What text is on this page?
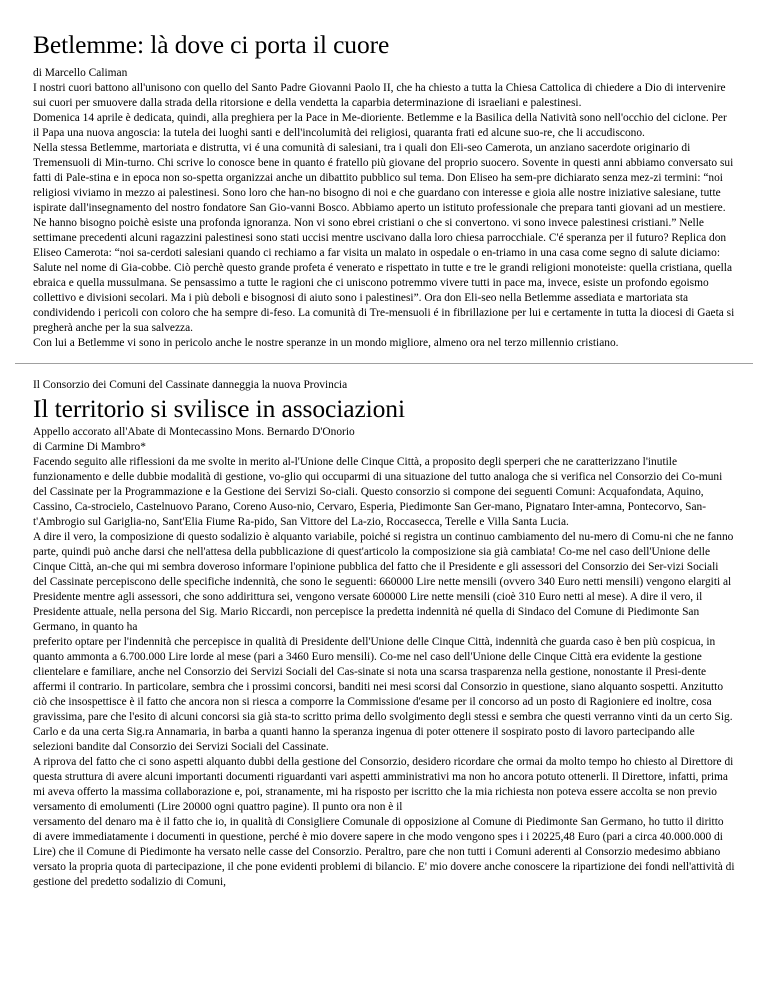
Betlemme: là dove ci porta il cuore

di Marcello Caliman

I nostri cuori battono all'unisono con quello del Santo Padre Giovanni Paolo II, che ha chiesto a tutta la Chiesa Cattolica di chiedere a Dio di intervenire sui cuori per smuovere dalla strada della ritorsione e della vendetta la caparbia determinazione di israeliani e palestinesi.

Domenica 14 aprile è dedicata, quindi, alla preghiera per la Pace in Me-dioriente. Betlemme e la Basilica della Natività sono nell'occhio del ciclone. Per il Papa una nuova angoscia: la tutela dei luoghi santi e dell'incolumità dei religiosi, quaranta frati ed alcune suo-re, che li accudiscono.

Nella stessa Betlemme, martoriata e distrutta, vi é una comunità di salesiani, tra i quali don Eli-seo Camerota, un anziano sacerdote originario di Tremensuoli di Min-turno. Chi scrive lo conosce bene in quanto é fratello più giovane del proprio suocero. Sovente in questi anni abbiamo conversato sui fatti di Pale-stina e in epoca non so-spetta organizzai anche un dibattito pubblico sul tema. Don Eliseo ha sem-pre dichiarato senza mez-zi termini: “noi religiosi viviamo in mezzo ai palestinesi. Sono loro che han-no bisogno di noi e che guardano con interesse e gioia alle nostre iniziative salesiane, tutte ispirate dall'insegnamento del nostro fondatore San Gio-vanni Bosco. Abbiamo aperto un istituto professionale che prepara tanti giovani ad un mestiere. Ne hanno bisogno poichè esiste una profonda ignoranza. Non vi sono ebrei cristiani o che si convertono. vi sono invece palestinesi cristiani.” Nelle settimane precedenti alcuni ragazzini palestinesi sono stati uccisi mentre uscivano dalla loro chiesa parrocchiale. C'é speranza per il futuro? Replica don Eliseo Camerota: “noi sa-cerdoti salesiani quando ci rechiamo a far visita un malato in ospedale o en-triamo in una casa come segno di salute diciamo: Salute nel nome di Gia-cobbe. Ciò perchè questo grande profeta é venerato e rispettato in tutte e tre le grandi religioni monoteiste: quella cristiana, quella ebraica e quella mussulmana. Se pensassimo a tutte le ragioni che ci uniscono potremmo vivere tutti in pace ma, invece, esiste un profondo egoismo collettivo e divisioni secolari. Ma i più deboli e bisognosi di aiuto sono i palestinesi”. Ora don Eli-seo nella Betlemme assediata e martoriata sta condividendo i pericoli con coloro che ha sempre di-feso. La comunità di Tre-mensuoli é in fibrillazione per lui e certamente in tutta la diocesi di Gaeta si pregherà anche per la sua salvezza.

Con lui a Betlemme vi sono in pericolo anche le nostre speranze in un mondo migliore, almeno ora nel terzo millennio cristiano.

Il Consorzio dei Comuni del Cassinate danneggia la nuova Provincia

Il territorio si svilisce in associazioni

Appello accorato all'Abate di Montecassino Mons. Bernardo D'Onorio

di Carmine Di Mambro*

Facendo seguito alle riflessioni da me svolte in merito al-l'Unione delle Cinque Città, a proposito degli sperperi che ne caratterizzano l'inutile funzionamento e delle dubbie modalità di gestione, vo-glio qui occuparmi di una situazione del tutto analoga che si verifica nel Consorzio dei Co-muni del Cassinate per la Programmazione e la Gestione dei Servizi So-ciali. Questo consorzio si compone dei seguenti Comuni: Acquafondata, Aquino, Cassino, Ca-strocielo, Castelnuovo Parano, Coreno Auso-nio, Cervaro, Esperia, Piedimonte San Ger-mano, Pignataro Inter-amna, Pontecorvo, San-t'Ambrogio sul Gariglia-no, Sant'Elia Fiume Ra-pido, San Vittore del La-zio, Roccasecca, Terelle e Villa Santa Lucia.

A dire il vero, la composizione di questo sodalizio è alquanto variabile, poiché si registra un continuo cambiamento del nu-mero di Comu-ni che ne fanno parte, quindi può anche darsi che nell'attesa della pubblicazione di quest'articolo la composizione sia già cambiata! Co-me nel caso dell'Unione delle Cinque Città, an-che qui mi sembra doveroso informare l'opinione pubblica del fatto che il Presidente e gli assessori del Consorzio dei Ser-vizi Sociali del Cassinate percepiscono delle specifiche indennità, che sono le seguenti: 660000 Lire nette mensili (ovvero 340 Euro netti mensili) vengono elargiti al Presidente mentre agli assessori, che sono addirittura sei, vengono versate 600000 Lire nette mensili (cioè 310 Euro netti al mese). A dire il vero, il Presidente attuale, nella persona del Sig. Mario Riccardi, non percepisce la predetta indennità né quella di Sindaco del Comune di Piedimonte San Germano, in quanto ha

preferito optare per l'indennità che percepisce in qualità di Presidente dell'Unione delle Cinque Città, indennità che guarda caso è ben più cospicua, in quanto ammonta a 6.700.000 Lire lorde al mese (pari a 3460 Euro mensili). Co-me nel caso dell'Unione delle Cinque Città era evidente la gestione clientelare e familiare, anche nel Consorzio dei Servizi Sociali del Cas-sinate si nota una scarsa trasparenza nella gestione, nonostante il Presi-dente affermi il contrario. In particolare, sembra che i prossimi concorsi, banditi nei mesi scorsi dal Consorzio in questione, siano alquanto sospetti. Anzitutto ciò che insospettisce è il fatto che ancora non si riesca a comporre la Commissione d'esame per il concorso ad un posto di Ragioniere ed inoltre, cosa gravissima, pare che l'esito di alcuni concorsi sia già sta-to scritto prima dello svolgimento degli stessi e sembra che questi verranno vinti da un certo Sig. Carlo e da una certa Sig.ra Annamaria, in barba a quanti hanno la speranza ingenua di poter ottenere il sospirato posto di lavoro partecipando alle selezioni bandite dal Consorzio dei Servizi Sociali del Cassinate.

A riprova del fatto che ci sono aspetti alquanto dubbi della gestione del Consorzio, desidero ricordare che ormai da molto tempo ho chiesto al Direttore di questa struttura di avere alcuni importanti documenti riguardanti vari aspetti amministrativi ma non ho ancora potuto ottenerli. Il Direttore, infatti, prima mi aveva offerto la massima collaborazione e, poi, stranamente, mi ha risposto per iscritto che la mia richiesta non poteva essere accolta se non previo versamento di emolumenti (Lire 20000 ogni quattro pagine). Il punto ora non è il

versamento del denaro ma è il fatto che io, in qualità di Consigliere Comunale di opposizione al Comune di Piedimonte San Germano, ho tutto il diritto di avere immediatamente i documenti in questione, perché è mio dovere sapere in che modo vengono spes i i 20225,48 Euro (pari a circa 40.000.000 di Lire) che il Comune di Piedimonte ha versato nelle casse del Consorzio. Peraltro, pare che non tutti i Comuni aderenti al Consorzio medesimo abbiano versato la propria quota di partecipazione, il che pone evidenti problemi di bilancio. E' mio dovere anche conoscere la ripartizione dei fondi nell'attività di gestione del predetto sodalizio di Comuni,
